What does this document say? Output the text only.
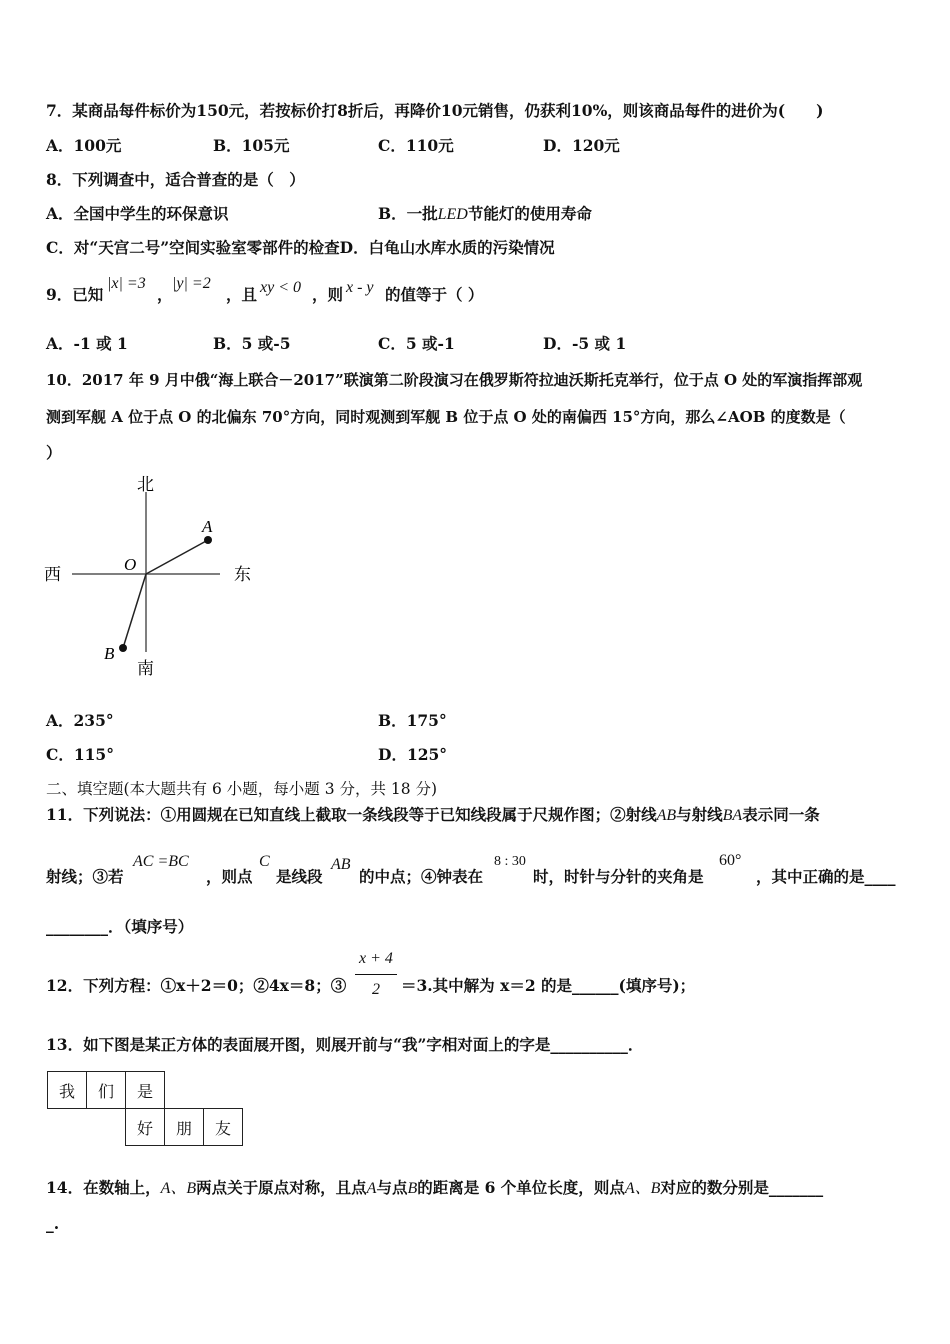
7．某商品每件标价为150元，若按标价打8折后，再降价10元销售，仍获利10%，则该商品每件的进价为(　　)
A．100元	B．105元	C．110元	D．120元
8．下列调查中，适合普查的是（　）
A．全国中学生的环保意识	B．一批LED节能灯的使用寿命
C．对“天宫二号”空间实验室零部件的检查D．白龟山水库水质的污染情况
9．已知
|x| =3
，
|y| =2
，且 xy < 0 ，则 x - y 的值等于（ ）
A．-1 或 1	B．5 或-5	C．5 或-1	D．-5 或 1
10．2017 年 9 月中俄“海上联合－2017”联演第二阶段演习在俄罗斯符拉迪沃斯托克举行，位于点 O 处的军演指挥部观
测到军舰 A 位于点 O 的北偏东 70°方向，同时观测到军舰 B 位于点 O 处的南偏西 15°方向，那么∠AOB 的度数是（
）
北
南
西	东
O
A
B
A．235°	B．175°
C．115°	D．125°
二、填空题(本大题共有 6 小题，每小题 3 分，共 18 分)
11．下列说法：①用圆规在已知直线上截取一条线段等于已知线段属于尺规作图；②射线AB与射线BA表示同一条
射线；③若
AC =BC
，则点
C
是线段
AB
的中点；④钟表在
8 : 30
时，时针与分针的夹角是
60°
，其中正确的是____
________．（填序号）
12．下列方程：①x＋2＝0；②4x＝8；③ $\frac{x + 4}{2} =3$.其中解为 x＝2 的是______(填序号)；
13．如下图是某正方体的表面展开图，则展开前与“我”字相对面上的字是__________．
我	们	是		
		好	朋	友
14．在数轴上，A、B两点关于原点对称，且点A与点B的距离是 6 个单位长度，则点A、B对应的数分别是_______
_.
